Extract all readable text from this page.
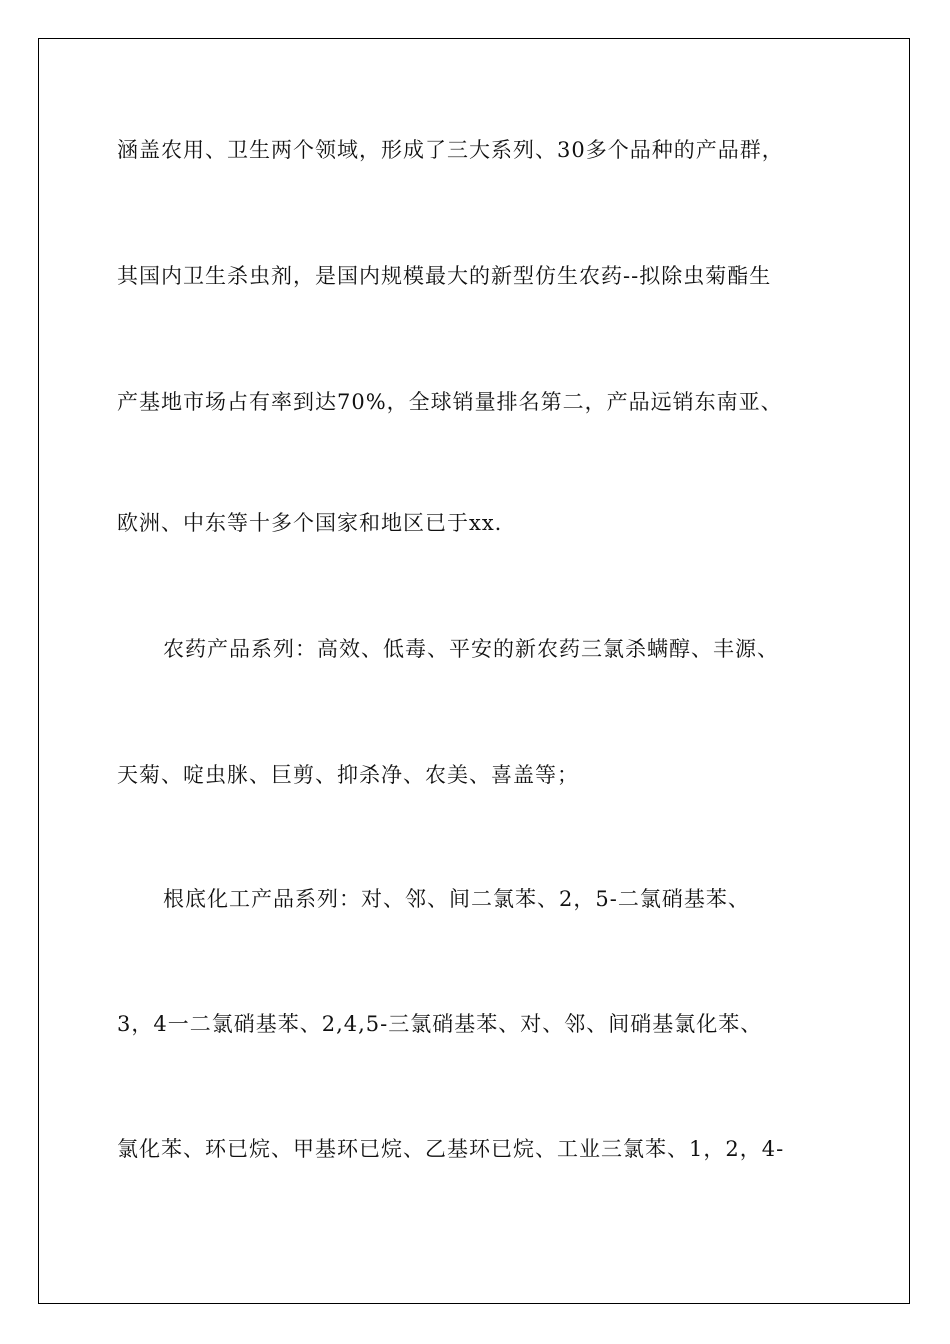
涵盖农用、卫生两个领域，形成了三大系列、30多个品种的产品群，
其国内卫生杀虫剂，是国内规模最大的新型仿生农药--拟除虫菊酯生
产基地市场占有率到达70%，全球销量排名第二，产品远销东南亚、
欧洲、中东等十多个国家和地区已于xx.
农药产品系列：高效、低毒、平安的新农药三氯杀螨醇、丰源、
天菊、啶虫脒、巨剪、抑杀净、农美、喜盖等；
根底化工产品系列：对、邻、间二氯苯、2，5-二氯硝基苯、
3，4一二氯硝基苯、2,4,5-三氯硝基苯、对、邻、间硝基氯化苯、
氯化苯、环已烷、甲基环已烷、乙基环已烷、工业三氯苯、1，2，4-
